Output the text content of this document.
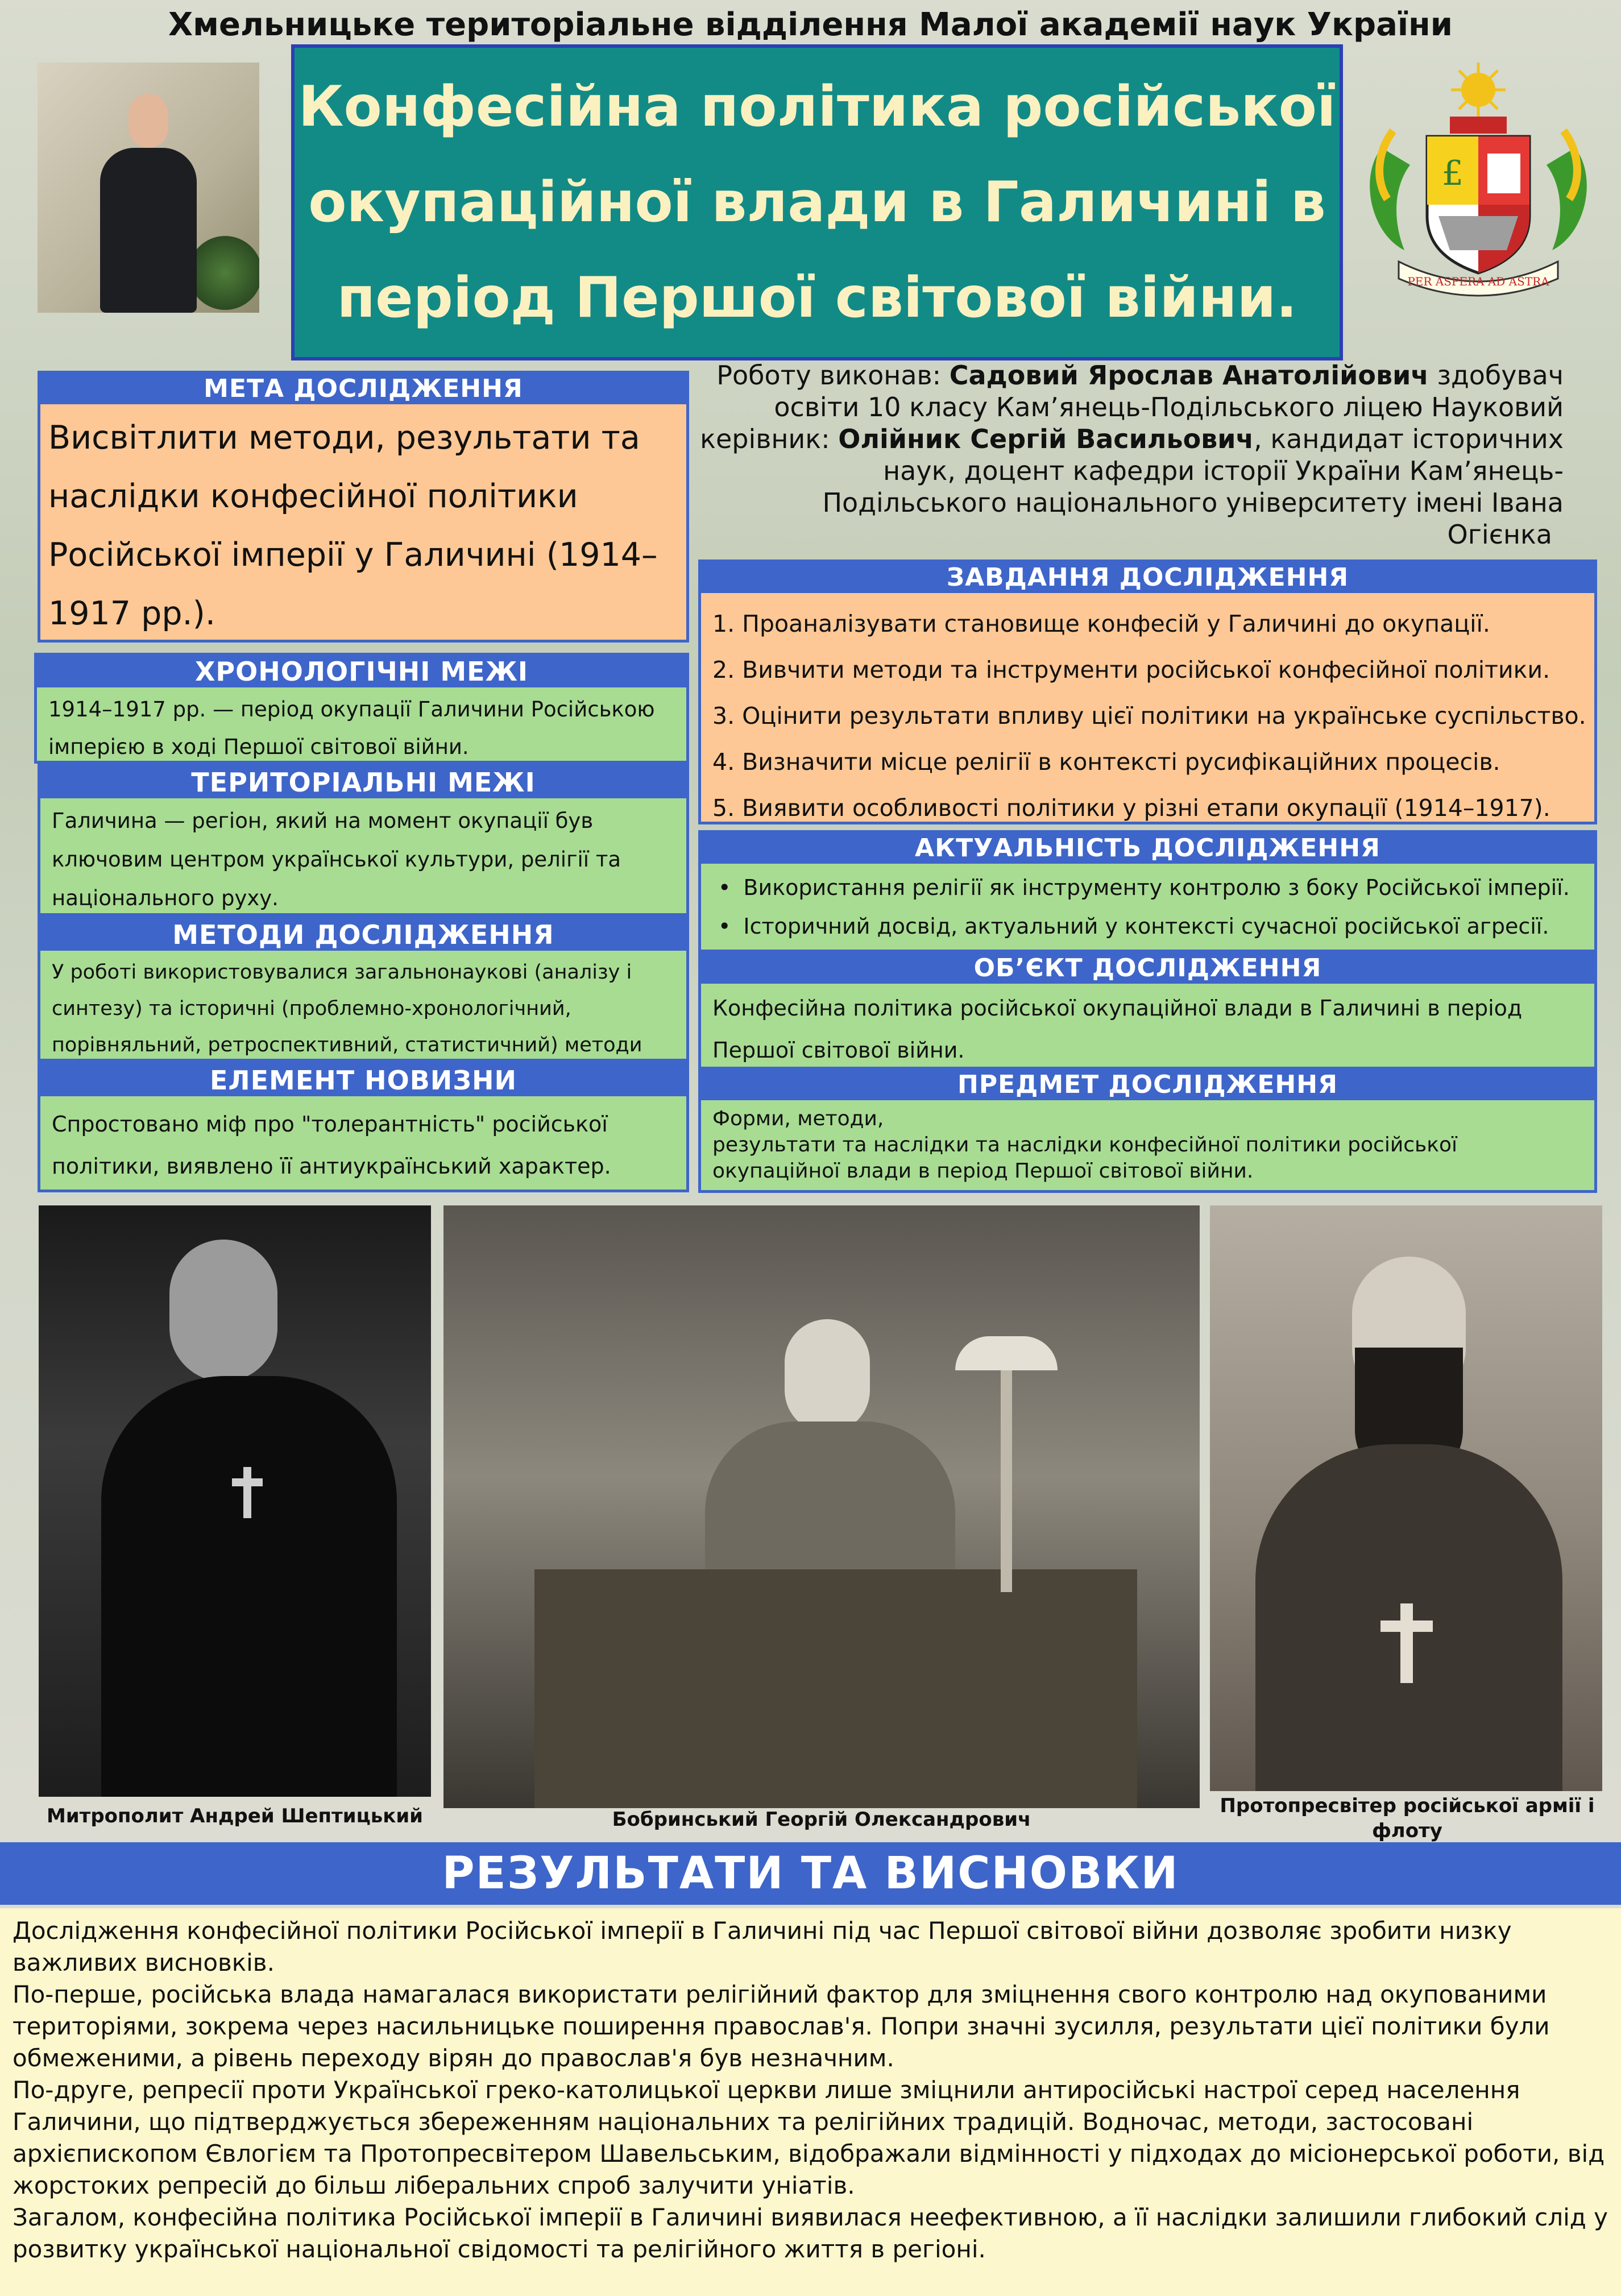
Хмельницьке територіальне відділення Малої академії наук України
Конфесійна політика російської
окупаційної влади в Галичині в
період Першої світової війни.
£
PER ASPERA AD ASTRA
Роботу виконав: Садовий Ярослав Анатолійович здобувач
освіти 10 класу Кам’янець-Подільського ліцею Науковий
керівник: Олійник Сергій Васильович, кандидат історичних
наук, доцент кафедри історії України Кам’янець-
Подільського національного університету імені Івана
Огієнка
МЕТА ДОСЛІДЖЕННЯ
Висвітлити методи, результати та наслідки конфесійної політики Російської імперії у Галичині (1914–1917 рр.).
ХРОНОЛОГІЧНІ МЕЖІ
1914–1917 рр. — період окупації Галичини Російською імперією в ході Першої світової війни.
ТЕРИТОРІАЛЬНІ МЕЖІ
Галичина — регіон, який на момент окупації був ключовим центром української культури, релігії та національного руху.
МЕТОДИ ДОСЛІДЖЕННЯ
У роботі використовувалися загальнонаукові (аналізу і синтезу) та історичні (проблемно-хронологічний, порівняльний, ретроспективний, статистичний) методи
ЕЛЕМЕНТ НОВИЗНИ
Спростовано міф про "толерантність" російської політики, виявлено її антиукраїнський характер.
ЗАВДАННЯ ДОСЛІДЖЕННЯ
1. Проаналізувати становище конфесій у Галичині до окупації.
2. Вивчити методи та інструменти російської конфесійної політики.
3. Оцінити результати впливу цієї політики на українське суспільство.
4. Визначити місце релігії в контексті русифікаційних процесів.
5. Виявити особливості політики у різні етапи окупації (1914–1917).
АКТУАЛЬНІСТЬ ДОСЛІДЖЕННЯ
• Використання релігії як інструменту контролю з боку Російської імперії.
• Історичний досвід, актуальний у контексті сучасної російської агресії.
ОБ’ЄКТ ДОСЛІДЖЕННЯ
Конфесійна політика російської окупаційної влади в Галичині в період Першої світової війни.
ПРЕДМЕТ ДОСЛІДЖЕННЯ
Форми, методи,
результати та наслідки та наслідки конфесійної політики російської окупаційної влади в період Першої світової війни.
Митрополит Андрей Шептицький	Бобринський Георгій Олександрович
Протопресвітер російської армії і флоту
РЕЗУЛЬТАТИ ТА ВИСНОВКИ

Дослідження конфесійної політики Російської імперії в Галичині під час Першої світової війни дозволяє зробити низку важливих висновків.

По-перше, російська влада намагалася використати релігійний фактор для зміцнення свого контролю над окупованими територіями, зокрема через насильницьке поширення православ'я. Попри значні зусилля, результати цієї політики були обмеженими, а рівень переходу вірян до православ'я був незначним.

По-друге, репресії проти Української греко-католицької церкви лише зміцнили антиросійські настрої серед населення Галичини, що підтверджується збереженням національних та релігійних традицій. Водночас, методи, застосовані архієпископом Євлогієм та Протопресвітером Шавельським, відображали відмінності у підходах до місіонерської роботи, від жорстоких репресій до більш ліберальних спроб залучити уніатів.

Загалом, конфесійна політика Російської імперії в Галичині виявилася неефективною, а її наслідки залишили глибокий слід у розвитку української національної свідомості та релігійного життя в регіоні.
